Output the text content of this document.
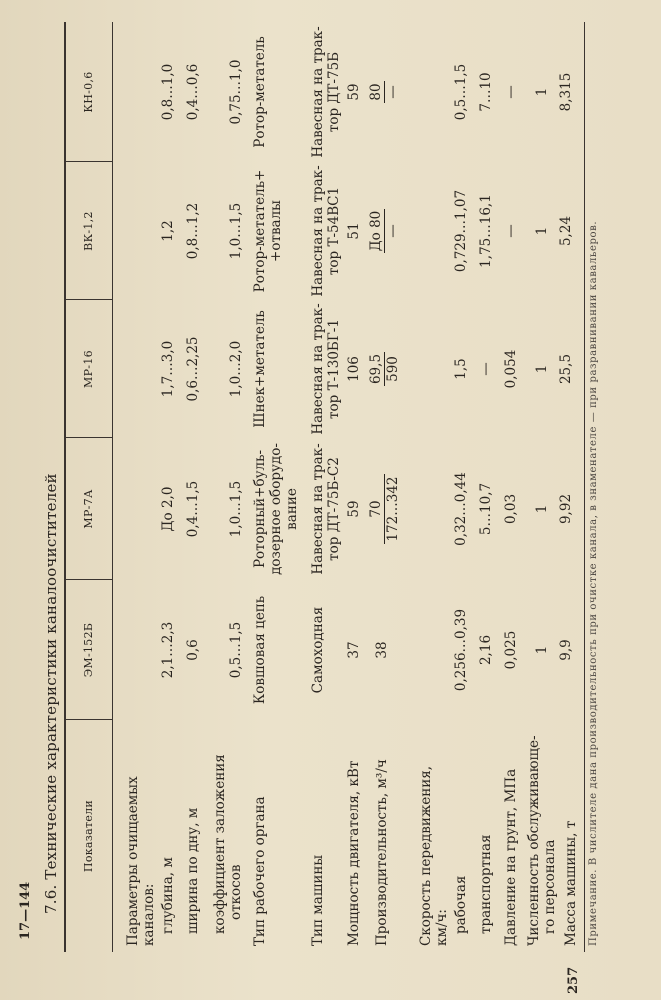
17—144 7.6. Технические характеристики каналоочистителей
257
Показатели
ЭМ-152Б
МР-7А
МР-16
ВК-1,2
КН-0,6
Параметры очищаемых каналов: глубина, м
2,1…2,3
До 2,0
1,7…3,0
1,2
0,8…1,0
ширина по дну, м
0,6
0,4…1,5
0,6…2,25
0,8…1,2
0,4…0,6
коэффициент заложения откосов
0,5…1,5
1,0…1,5
1,0…2,0
1,0…1,5
0,75…1,0
Тип рабочего органа
Ковшовая цепь
Роторный+буль- дозерное оборудо- вание
Шнек+метатель
Ротор-метатель+ +отвалы
Ротор-метатель
Тип машины
Самоходная
Навесная на трак- тор ДТ-75Б-С2
Навесная на трак- тор Т-130БГ-1
Навесная на трак- тор Т-54ВС1
Навесная на трак- тор ДТ-75Б
Мощность двигателя, кВт
37
59
106
51
59
Производительность, м³/ч
38
70 172…342
69,5 590
До 80 —
80 —
Скорость передвижения, км/ч: рабочая
0,256…0,39
0,32…0,44
1,5
0,729…1,07
0,5…1,5
транспортная
2,16
5…10,7
—
1,75…16,1
7…10
Давление на грунт, МПа
0,025
0,03
0,054
—
—
Численность обслуживающе- го персонала
1
1
1
1
1
Масса машины, т
9,9
9,92
25,5
5,24
8,315
Примечание. В числителе дана производительность при очистке канала, в знаменателе — при разравнивании кавальеров.
